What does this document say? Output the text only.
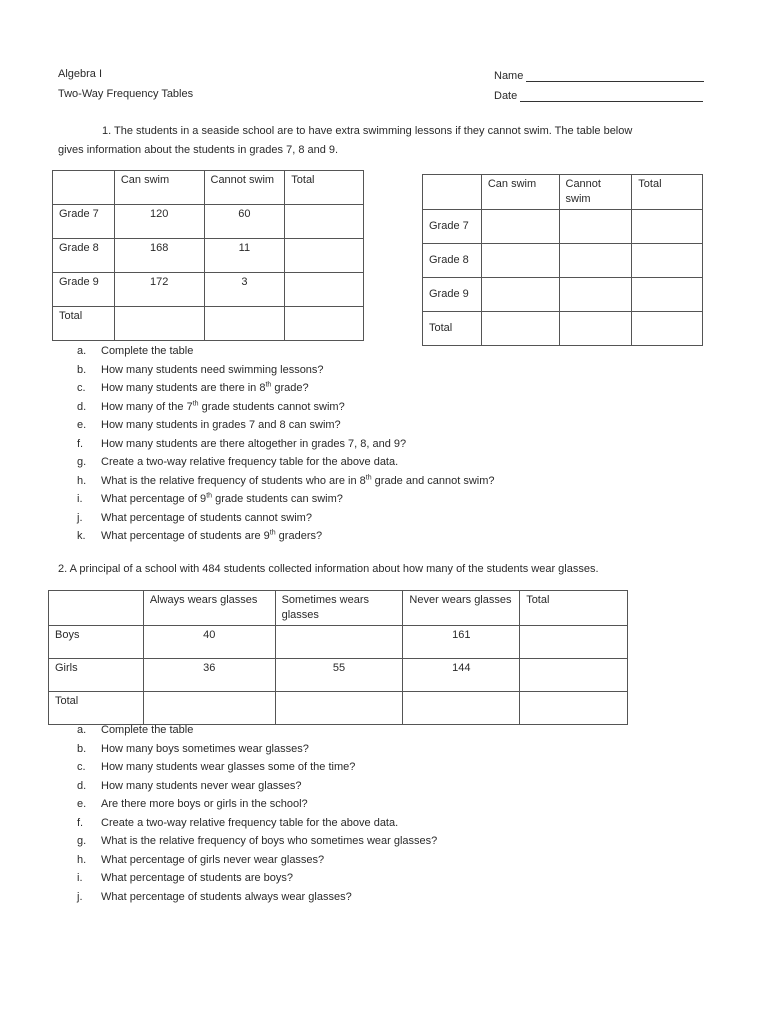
Algebra I
Two-Way Frequency Tables
Name
Date
1. The students in a seaside school are to have extra swimming lessons if they cannot swim. The table below
gives information about the students in grades 7, 8 and 9.
	Can swim	Cannot swim	Total
Grade 7	120	60	
Grade 8	168	11	
Grade 9	172	3	
Total			
	Can swim	Cannot swim	Total
Grade 7			
Grade 8			
Grade 9			
Total			
a. Complete the table
b. How many students need swimming lessons?
c. How many students are there in 8th grade?
d. How many of the 7th grade students cannot swim?
e. How many students in grades 7 and 8 can swim?
f. How many students are there altogether in grades 7, 8, and 9?
g. Create a two-way relative frequency table for the above data.
h. What is the relative frequency of students who are in 8th grade and cannot swim?
i. What percentage of 9th grade students can swim?
j. What percentage of students cannot swim?
k. What percentage of students are 9th graders?
2. A principal of a school with 484 students collected information about how many of the students wear glasses.
	Always wears glasses	Sometimes wears glasses	Never wears glasses	Total
Boys	40		161	
Girls	36	55	144	
Total				
a. Complete the table
b. How many boys sometimes wear glasses?
c. How many students wear glasses some of the time?
d. How many students never wear glasses?
e. Are there more boys or girls in the school?
f. Create a two-way relative frequency table for the above data.
g. What is the relative frequency of boys who sometimes wear glasses?
h. What percentage of girls never wear glasses?
i. What percentage of students are boys?
j. What percentage of students always wear glasses?
